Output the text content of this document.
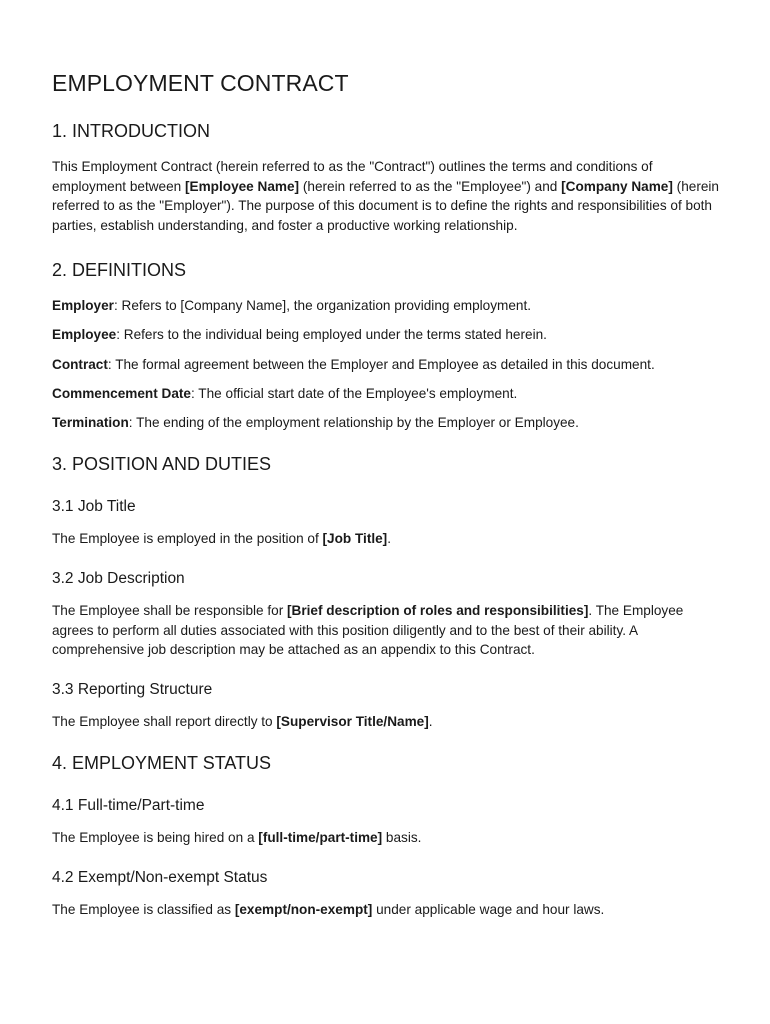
EMPLOYMENT CONTRACT
1. INTRODUCTION

This Employment Contract (herein referred to as the "Contract") outlines the terms and conditions of employment between [Employee Name] (herein referred to as the "Employee") and [Company Name] (herein referred to as the "Employer"). The purpose of this document is to define the rights and responsibilities of both parties, establish understanding, and foster a productive working relationship.

2. DEFINITIONS

Employer: Refers to [Company Name], the organization providing employment.

Employee: Refers to the individual being employed under the terms stated herein.

Contract: The formal agreement between the Employer and Employee as detailed in this document.

Commencement Date: The official start date of the Employee's employment.

Termination: The ending of the employment relationship by the Employer or Employee.

3. POSITION AND DUTIES
3.1 Job Title

The Employee is employed in the position of [Job Title].

3.2 Job Description

The Employee shall be responsible for [Brief description of roles and responsibilities]. The Employee agrees to perform all duties associated with this position diligently and to the best of their ability. A comprehensive job description may be attached as an appendix to this Contract.

3.3 Reporting Structure

The Employee shall report directly to [Supervisor Title/Name].

4. EMPLOYMENT STATUS
4.1 Full-time/Part-time

The Employee is being hired on a [full-time/part-time] basis.

4.2 Exempt/Non-exempt Status

The Employee is classified as [exempt/non-exempt] under applicable wage and hour laws.
